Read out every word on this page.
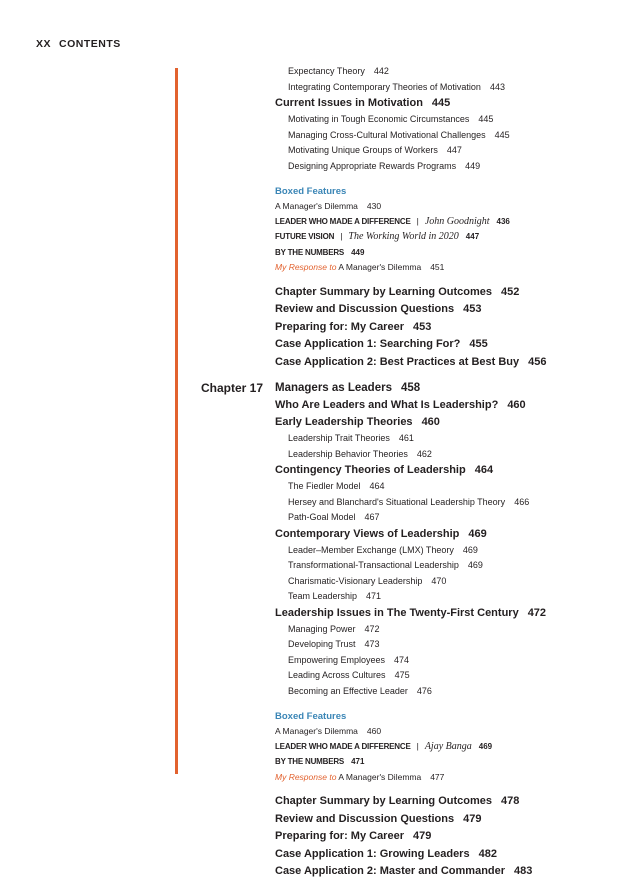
XX CONTENTS
Chapter 17
Expectancy Theory 442
Integrating Contemporary Theories of Motivation 443
Current Issues in Motivation 445
Motivating in Tough Economic Circumstances 445
Managing Cross-Cultural Motivational Challenges 445
Motivating Unique Groups of Workers 447
Designing Appropriate Rewards Programs 449
Boxed Features
A Manager's Dilemma 430
LEADER WHO MADE A DIFFERENCE | John Goodnight 436
FUTURE VISION | The Working World in 2020 447
BY THE NUMBERS 449
My Response to A Manager's Dilemma 451
Chapter Summary by Learning Outcomes 452
Review and Discussion Questions 453
Preparing for: My Career 453
Case Application 1: Searching For? 455
Case Application 2: Best Practices at Best Buy 456
Managers as Leaders 458
Who Are Leaders and What Is Leadership? 460
Early Leadership Theories 460
Leadership Trait Theories 461
Leadership Behavior Theories 462
Contingency Theories of Leadership 464
The Fiedler Model 464
Hersey and Blanchard's Situational Leadership Theory 466
Path-Goal Model 467
Contemporary Views of Leadership 469
Leader–Member Exchange (LMX) Theory 469
Transformational-Transactional Leadership 469
Charismatic-Visionary Leadership 470
Team Leadership 471
Leadership Issues in The Twenty-First Century 472
Managing Power 472
Developing Trust 473
Empowering Employees 474
Leading Across Cultures 475
Becoming an Effective Leader 476
Boxed Features
A Manager's Dilemma 460
LEADER WHO MADE A DIFFERENCE | Ajay Banga 469
BY THE NUMBERS 471
My Response to A Manager's Dilemma 477
Chapter Summary by Learning Outcomes 478
Review and Discussion Questions 479
Preparing for: My Career 479
Case Application 1: Growing Leaders 482
Case Application 2: Master and Commander 483
